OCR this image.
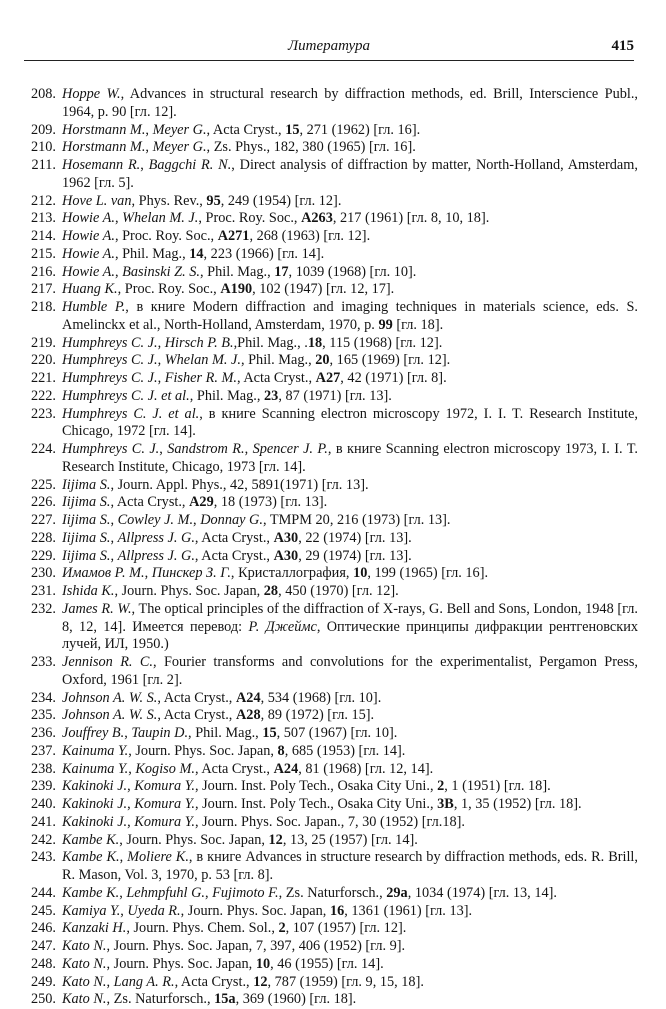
Литература	415
208. Hoppe W., Advances in structural research by diffraction methods, ed. Brill, Interscience Publ., 1964, p. 90 [гл. 12].
209. Horstmann M., Meyer G., Acta Cryst., 15, 271 (1962) [гл. 16].
210. Horstmann M., Meyer G., Zs. Phys., 182, 380 (1965) [гл. 16].
211. Hosemann R., Baggchi R. N., Direct analysis of diffraction by matter, North-Holland, Amsterdam, 1962 [гл. 5].
212. Hove L. van, Phys. Rev., 95, 249 (1954) [гл. 12].
213. Howie A., Whelan M. J., Proc. Roy. Soc., A263, 217 (1961) [гл. 8, 10, 18].
214. Howie A., Proc. Roy. Soc., A271, 268 (1963) [гл. 12].
215. Howie A., Phil. Mag., 14, 223 (1966) [гл. 14].
216. Howie A., Basinski Z. S., Phil. Mag., 17, 1039 (1968) [гл. 10].
217. Huang K., Proc. Roy. Soc., A190, 102 (1947) [гл. 12, 17].
218. Humble P., в книге Modern diffraction and imaging techniques in materials science, eds. S. Amelinckx et al., North-Holland, Amsterdam, 1970, p. 99 [гл. 18].
219. Humphreys C. J., Hirsch P. B.,Phil. Mag., .18, 115 (1968) [гл. 12].
220. Humphreys C. J., Whelan M. J., Phil. Mag., 20, 165 (1969) [гл. 12].
221. Humphreys C. J., Fisher R. M., Acta Cryst., A27, 42 (1971) [гл. 8].
222. Humphreys C. J. et al., Phil. Mag., 23, 87 (1971) [гл. 13].
223. Humphreys C. J. et al., в книге Scanning electron microscopy 1972, I. I. T. Research Institute, Chicago, 1972 [гл. 14].
224. Humphreys C. J., Sandstrom R., Spencer J. P., в книге Scanning electron microscopy 1973, I. I. T. Research Institute, Chicago, 1973 [гл. 14].
225. Iijima S., Journ. Appl. Phys., 42, 5891(1971) [гл. 13].
226. Iijima S., Acta Cryst., A29, 18 (1973) [гл. 13].
227. Iijima S., Cowley J. M., Donnay G., TMPM 20, 216 (1973) [гл. 13].
228. Iijima S., Allpress J. G., Acta Cryst., A30, 22 (1974) [гл. 13].
229. Iijima S., Allpress J. G., Acta Cryst., A30, 29 (1974) [гл. 13].
230. Имамов Р. М., Пинскер З. Г., Кристаллография, 10, 199 (1965) [гл. 16].
231. Ishida K., Journ. Phys. Soc. Japan, 28, 450 (1970) [гл. 12].
232. James R. W., The optical principles of the diffraction of X-rays, G. Bell and Sons, London, 1948 [гл. 8, 12, 14]. Имеется перевод: Р. Джеймс, Оптические принципы дифракции рентгеновских лучей, ИЛ, 1950.)
233. Jennison R. C., Fourier transforms and convolutions for the experimentalist, Pergamon Press, Oxford, 1961 [гл. 2].
234. Johnson A. W. S., Acta Cryst., A24, 534 (1968) [гл. 10].
235. Johnson A. W. S., Acta Cryst., A28, 89 (1972) [гл. 15].
236. Jouffrey B., Taupin D., Phil. Mag., 15, 507 (1967) [гл. 10].
237. Kainuma Y., Journ. Phys. Soc. Japan, 8, 685 (1953) [гл. 14].
238. Kainuma Y., Kogiso M., Acta Cryst., A24, 81 (1968) [гл. 12, 14].
239. Kakinoki J., Komura Y., Journ. Inst. Poly Tech., Osaka City Uni., 2, 1 (1951) [гл. 18].
240. Kakinoki J., Komura Y., Journ. Inst. Poly Tech., Osaka City Uni., 3B, 1, 35 (1952) [гл. 18].
241. Kakinoki J., Komura Y., Journ. Phys. Soc. Japan., 7, 30 (1952) [гл.18].
242. Kambe K., Journ. Phys. Soc. Japan, 12, 13, 25 (1957) [гл. 14].
243. Kambe K., Moliere K., в книге Advances in structure research by diffraction methods, eds. R. Brill, R. Mason, Vol. 3, 1970, p. 53 [гл. 8].
244. Kambe K., Lehmpfuhl G., Fujimoto F., Zs. Naturforsch., 29a, 1034 (1974) [гл. 13, 14].
245. Kamiya Y., Uyeda R., Journ. Phys. Soc. Japan, 16, 1361 (1961) [гл. 13].
246. Kanzaki H., Journ. Phys. Chem. Sol., 2, 107 (1957) [гл. 12].
247. Kato N., Journ. Phys. Soc. Japan, 7, 397, 406 (1952) [гл. 9].
248. Kato N., Journ. Phys. Soc. Japan, 10, 46 (1955) [гл. 14].
249. Kato N., Lang A. R., Acta Cryst., 12, 787 (1959) [гл. 9, 15, 18].
250. Kato N., Zs. Naturforsch., 15a, 369 (1960) [гл. 18].
